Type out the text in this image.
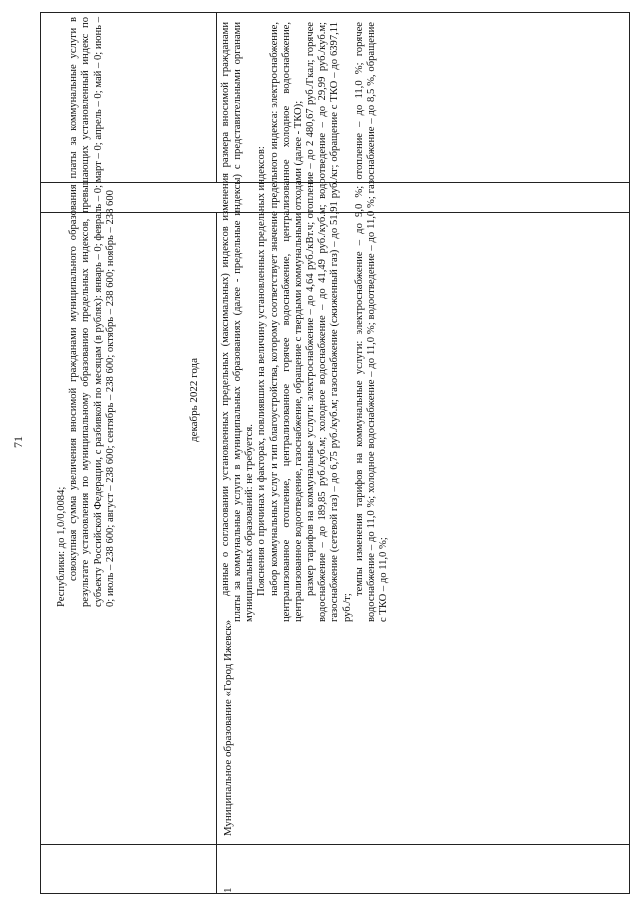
71

Республики: до 1,0/0,0084; совокупная сумма увеличения вносимой гражданами муниципального образования платы за коммунальные услуги в результате установления по муниципальному образованию предельных индексов, превышающих установленный индекс по субъекту Российской Федерации, с разбивкой по месяцам (в рублях): январь – 0; февраль – 0; март – 0; апрель – 0; май – 0; июнь – 0; июль – 238 600; август – 238 600; сентябрь – 238 600; октябрь – 238 600; ноябрь – 238 600	декабрь 2022 года
1
Муниципальное образование «Город Ижевск»

данные о согласовании установленных предельных (максимальных) индексов изменения размера вносимой гражданами платы за коммунальные услуги в муниципальных образованиях (далее - предельные индексы) с представительными органами муниципальных образований: не требуется. Пояснения о причинах и факторах, повлиявших на величину установленных предельных индексов: набор коммунальных услуг и тип благоустройства, которому соответствует значение предельного индекса: электроснабжение, централизованное отопление, централизованное горячее водоснабжение, централизованное холодное водоснабжение, централизованное водоотведение, газоснабжение, обращение с твердыми коммунальными отходами (далее - ТКО); размер тарифов на коммунальные услуги: электроснабжение – до 4,64 руб./кВт.ч; отопление – до 2 480,67 руб./Гкал; горячее водоснабжение – до 189,85 руб./куб.м; холодное водоснабжение – до 41,49 руб./куб.м; водоотведение – до 29,99 руб./куб.м; газоснабжение (сетевой газ) – до 6,75 руб./куб.м; газоснабжение (сжиженный газ) – до 51,91 руб./кг; обращение с ТКО – до 6397,11 руб./т;

темпы изменения тарифов на коммунальные услуги: электроснабжение – до 9,0 %; отопление – до 11,0 %; горячее водоснабжение – до 11,0 %; холодное водоснабжение – до 11,0 %; водоотведение – до 11,0 %; газоснабжение – до 8,5 %, обращение с ТКО – до 11,0 %;
